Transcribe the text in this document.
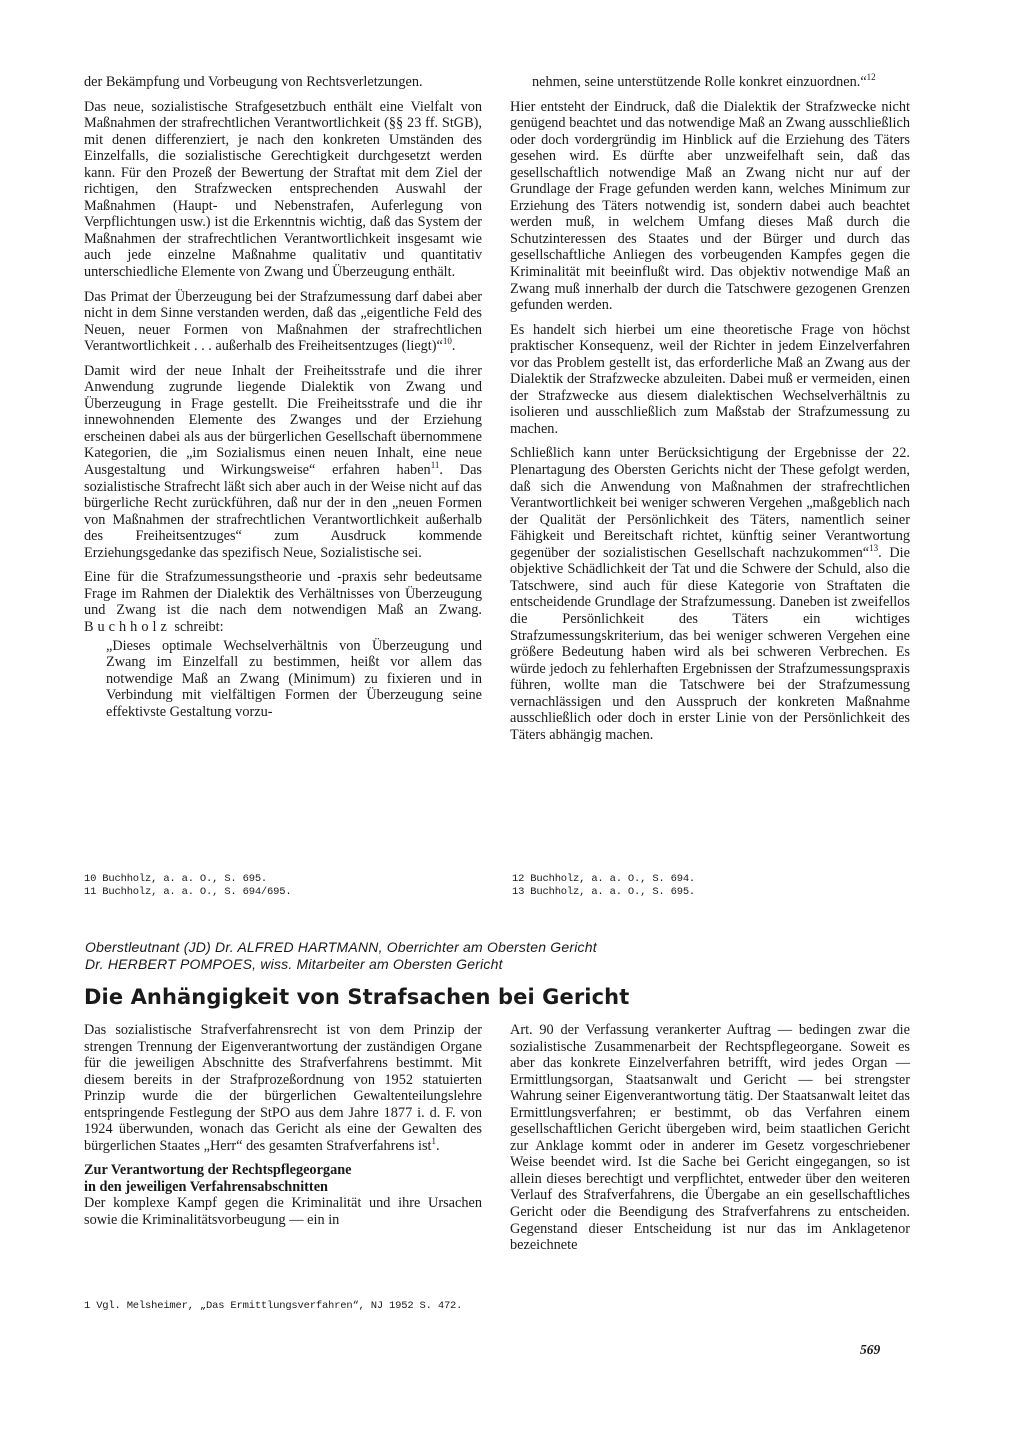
der Bekämpfung und Vorbeugung von Rechtsverletzungen.

Das neue, sozialistische Strafgesetzbuch enthält eine Vielfalt von Maßnahmen der strafrechtlichen Verantwortlichkeit (§§ 23 ff. StGB), mit denen differenziert, je nach den konkreten Umständen des Einzelfalls, die sozialistische Gerechtigkeit durchgesetzt werden kann. Für den Prozeß der Bewertung der Straftat mit dem Ziel der richtigen, den Strafzwecken entsprechenden Auswahl der Maßnahmen (Haupt- und Nebenstrafen, Auferlegung von Verpflichtungen usw.) ist die Erkenntnis wichtig, daß das System der Maßnahmen der strafrechtlichen Verantwortlichkeit insgesamt wie auch jede einzelne Maßnahme qualitativ und quantitativ unterschiedliche Elemente von Zwang und Überzeugung enthält.

Das Primat der Überzeugung bei der Strafzumessung darf dabei aber nicht in dem Sinne verstanden werden, daß das „eigentliche Feld des Neuen, neuer Formen von Maßnahmen der strafrechtlichen Verantwortlichkeit . . . außerhalb des Freiheitsentzuges (liegt)“$^{10}$.

Damit wird der neue Inhalt der Freiheitsstrafe und die ihrer Anwendung zugrunde liegende Dialektik von Zwang und Überzeugung in Frage gestellt. Die Freiheitsstrafe und die ihr innewohnenden Elemente des Zwanges und der Erziehung erscheinen dabei als aus der bürgerlichen Gesellschaft übernommene Kategorien, die „im Sozialismus einen neuen Inhalt, eine neue Ausgestaltung und Wirkungsweise“ erfahren haben$^{11}$. Das sozialistische Strafrecht läßt sich aber auch in der Weise nicht auf das bürgerliche Recht zurückführen, daß nur der in den „neuen Formen von Maßnahmen der strafrechtlichen Verantwortlichkeit außerhalb des Freiheitsentzuges“ zum Ausdruck kommende Erziehungsgedanke das spezifisch Neue, Sozialistische sei.

Eine für die Strafzumessungstheorie und -praxis sehr bedeutsame Frage im Rahmen der Dialektik des Verhältnisses von Überzeugung und Zwang ist die nach dem notwendigen Maß an Zwang. Buchholz schreibt:

„Dieses optimale Wechselverhältnis von Überzeugung und Zwang im Einzelfall zu bestimmen, heißt vor allem das notwendige Maß an Zwang (Minimum) zu fixieren und in Verbindung mit vielfältigen Formen der Überzeugung seine effektivste Gestaltung vorzu-

nehmen, seine unterstützende Rolle konkret einzuordnen.“$^{12}$

Hier entsteht der Eindruck, daß die Dialektik der Strafzwecke nicht genügend beachtet und das notwendige Maß an Zwang ausschließlich oder doch vordergründig im Hinblick auf die Erziehung des Täters gesehen wird. Es dürfte aber unzweifelhaft sein, daß das gesellschaftlich notwendige Maß an Zwang nicht nur auf der Grundlage der Frage gefunden werden kann, welches Minimum zur Erziehung des Täters notwendig ist, sondern dabei auch beachtet werden muß, in welchem Umfang dieses Maß durch die Schutzinteressen des Staates und der Bürger und durch das gesellschaftliche Anliegen des vorbeugenden Kampfes gegen die Kriminalität mit beeinflußt wird. Das objektiv notwendige Maß an Zwang muß innerhalb der durch die Tatschwere gezogenen Grenzen gefunden werden.

Es handelt sich hierbei um eine theoretische Frage von höchst praktischer Konsequenz, weil der Richter in jedem Einzelverfahren vor das Problem gestellt ist, das erforderliche Maß an Zwang aus der Dialektik der Strafzwecke abzuleiten. Dabei muß er vermeiden, einen der Strafzwecke aus diesem dialektischen Wechselverhältnis zu isolieren und ausschließlich zum Maßstab der Strafzumessung zu machen.

Schließlich kann unter Berücksichtigung der Ergebnisse der 22. Plenartagung des Obersten Gerichts nicht der These gefolgt werden, daß sich die Anwendung von Maßnahmen der strafrechtlichen Verantwortlichkeit bei weniger schweren Vergehen „maßgeblich nach der Qualität der Persönlichkeit des Täters, namentlich seiner Fähigkeit und Bereitschaft richtet, künftig seiner Verantwortung gegenüber der sozialistischen Gesellschaft nachzukommen“$^{13}$. Die objektive Schädlichkeit der Tat und die Schwere der Schuld, also die Tatschwere, sind auch für diese Kategorie von Straftaten die entscheidende Grundlage der Strafzumessung. Daneben ist zweifellos die Persönlichkeit des Täters ein wichtiges Strafzumessungskriterium, das bei weniger schweren Vergehen eine größere Bedeutung haben wird als bei schweren Verbrechen. Es würde jedoch zu fehlerhaften Ergebnissen der Strafzumessungspraxis führen, wollte man die Tatschwere bei der Strafzumessung vernachlässigen und den Ausspruch der konkreten Maßnahme ausschließlich oder doch in erster Linie von der Persönlichkeit des Täters abhängig machen.

10 Buchholz, a. a. O., S. 695.
11 Buchholz, a. a. O., S. 694/695.
12 Buchholz, a. a. O., S. 694.
13 Buchholz, a. a. O., S. 695.
Oberstleutnant (JD) Dr. ALFRED HARTMANN, Oberrichter am Obersten Gericht
Dr. HERBERT POMPOES, wiss. Mitarbeiter am Obersten Gericht
Die Anhängigkeit von Strafsachen bei Gericht

Das sozialistische Strafverfahrensrecht ist von dem Prinzip der strengen Trennung der Eigenverantwortung der zuständigen Organe für die jeweiligen Abschnitte des Strafverfahrens bestimmt. Mit diesem bereits in der Strafprozeßordnung von 1952 statuierten Prinzip wurde die der bürgerlichen Gewaltenteilungslehre entspringende Festlegung der StPO aus dem Jahre 1877 i. d. F. von 1924 überwunden, wonach das Gericht als eine der Gewalten des bürgerlichen Staates „Herr“ des gesamten Strafverfahrens ist$^1$.

Zur Verantwortung der Rechtspflegeorgane
in den jeweiligen Verfahrensabschnitten

Der komplexe Kampf gegen die Kriminalität und ihre Ursachen sowie die Kriminalitätsvorbeugung — ein in

1 Vgl. Melsheimer, „Das Ermittlungsverfahren“, NJ 1952 S. 472.

Art. 90 der Verfassung verankerter Auftrag — bedingen zwar die sozialistische Zusammenarbeit der Rechtspflegeorgane. Soweit es aber das konkrete Einzelverfahren betrifft, wird jedes Organ — Ermittlungsorgan, Staatsanwalt und Gericht — bei strengster Wahrung seiner Eigenverantwortung tätig. Der Staatsanwalt leitet das Ermittlungsverfahren; er bestimmt, ob das Verfahren einem gesellschaftlichen Gericht übergeben wird, beim staatlichen Gericht zur Anklage kommt oder in anderer im Gesetz vorgeschriebener Weise beendet wird. Ist die Sache bei Gericht eingegangen, so ist allein dieses berechtigt und verpflichtet, entweder über den weiteren Verlauf des Strafverfahrens, die Übergabe an ein gesellschaftliches Gericht oder die Beendigung des Strafverfahrens zu entscheiden. Gegenstand dieser Entscheidung ist nur das im Anklagetenor bezeichnete

569
